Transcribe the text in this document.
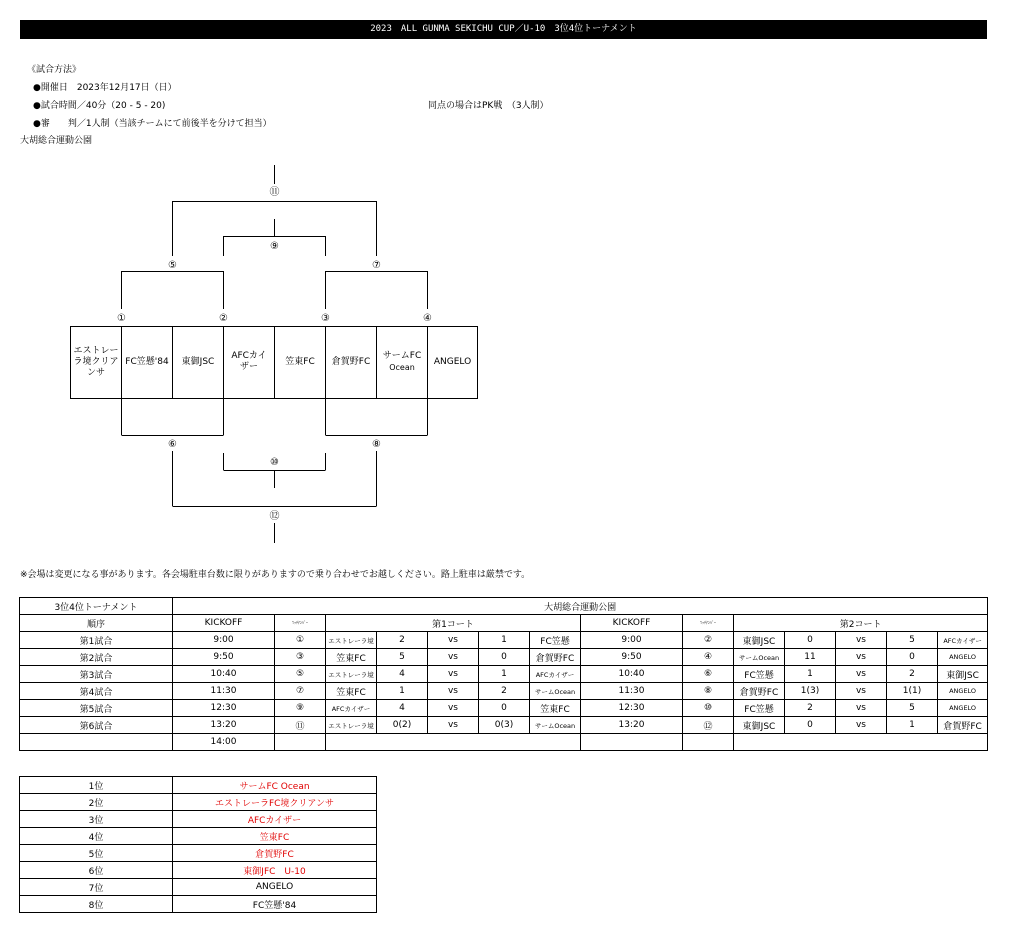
2023　ALL GUNMA SEKICHU CUP／U-10　3位4位トーナメント
《試合方法》
●開催日　2023年12月17日（日）
●試合時間／40分（20 - 5 - 20)	同点の場合はPK戦　（3人制）
●審　　判／1人制（当該チームにて前後半を分けて担当）
大胡総合運動公園
①	②	③	④
⑤
⑥
⑦
⑧
⑨
⑩
⑪
⑫
エストレー
ラ境クリア
ンサ
FC笠懸'84 東御JSC
AFCカイ
ザー
笠東FC 倉賀野FC
サームFC
Ocean
ANGELO
※会場は変更になる事があります。各会場駐車台数に限りがありますので乗り合わせでお越しください。路上駐車は厳禁です。
3位4位トーナメント	大胡総合運動公園													
順序	KICKOFF	ﾏｯﾁﾅﾝﾊﾞｰ	第1コート					KICKOFF	ﾏｯﾁﾅﾝﾊﾞｰ	第2コート				
第1試合	9:00	①	エストレーラ境	2	vs	1	FC笠懸	9:00	②	東御JSC	0	vs	5	AFCカイザー
第2試合	9:50	③	笠東FC	5	vs	0	倉賀野FC	9:50	④	サームOcean	11	vs	0	ANGELO
第3試合	10:40	⑤	エストレーラ境	4	vs	1	AFCカイザー	10:40	⑥	FC笠懸	1	vs	2	東御JSC
第4試合	11:30	⑦	笠東FC	1	vs	2	サームOcean	11:30	⑧	倉賀野FC	1(3)	vs	1(1)	ANGELO
第5試合	12:30	⑨	AFCカイザー	4	vs	0	笠東FC	12:30	⑩	FC笠懸	2	vs	5	ANGELO
第6試合	13:20	⑪	エストレーラ境	0(2)	vs	0(3)	サームOcean	13:20	⑫	東御JSC	0	vs	1	倉賀野FC
	14:00													
1位	サームFC Ocean
2位	エストレーラFC境クリアンサ
3位	AFCカイザー
4位	笠東FC
5位	倉賀野FC
6位	東御JFC　U-10
7位	ANGELO
8位	FC笠懸'84
